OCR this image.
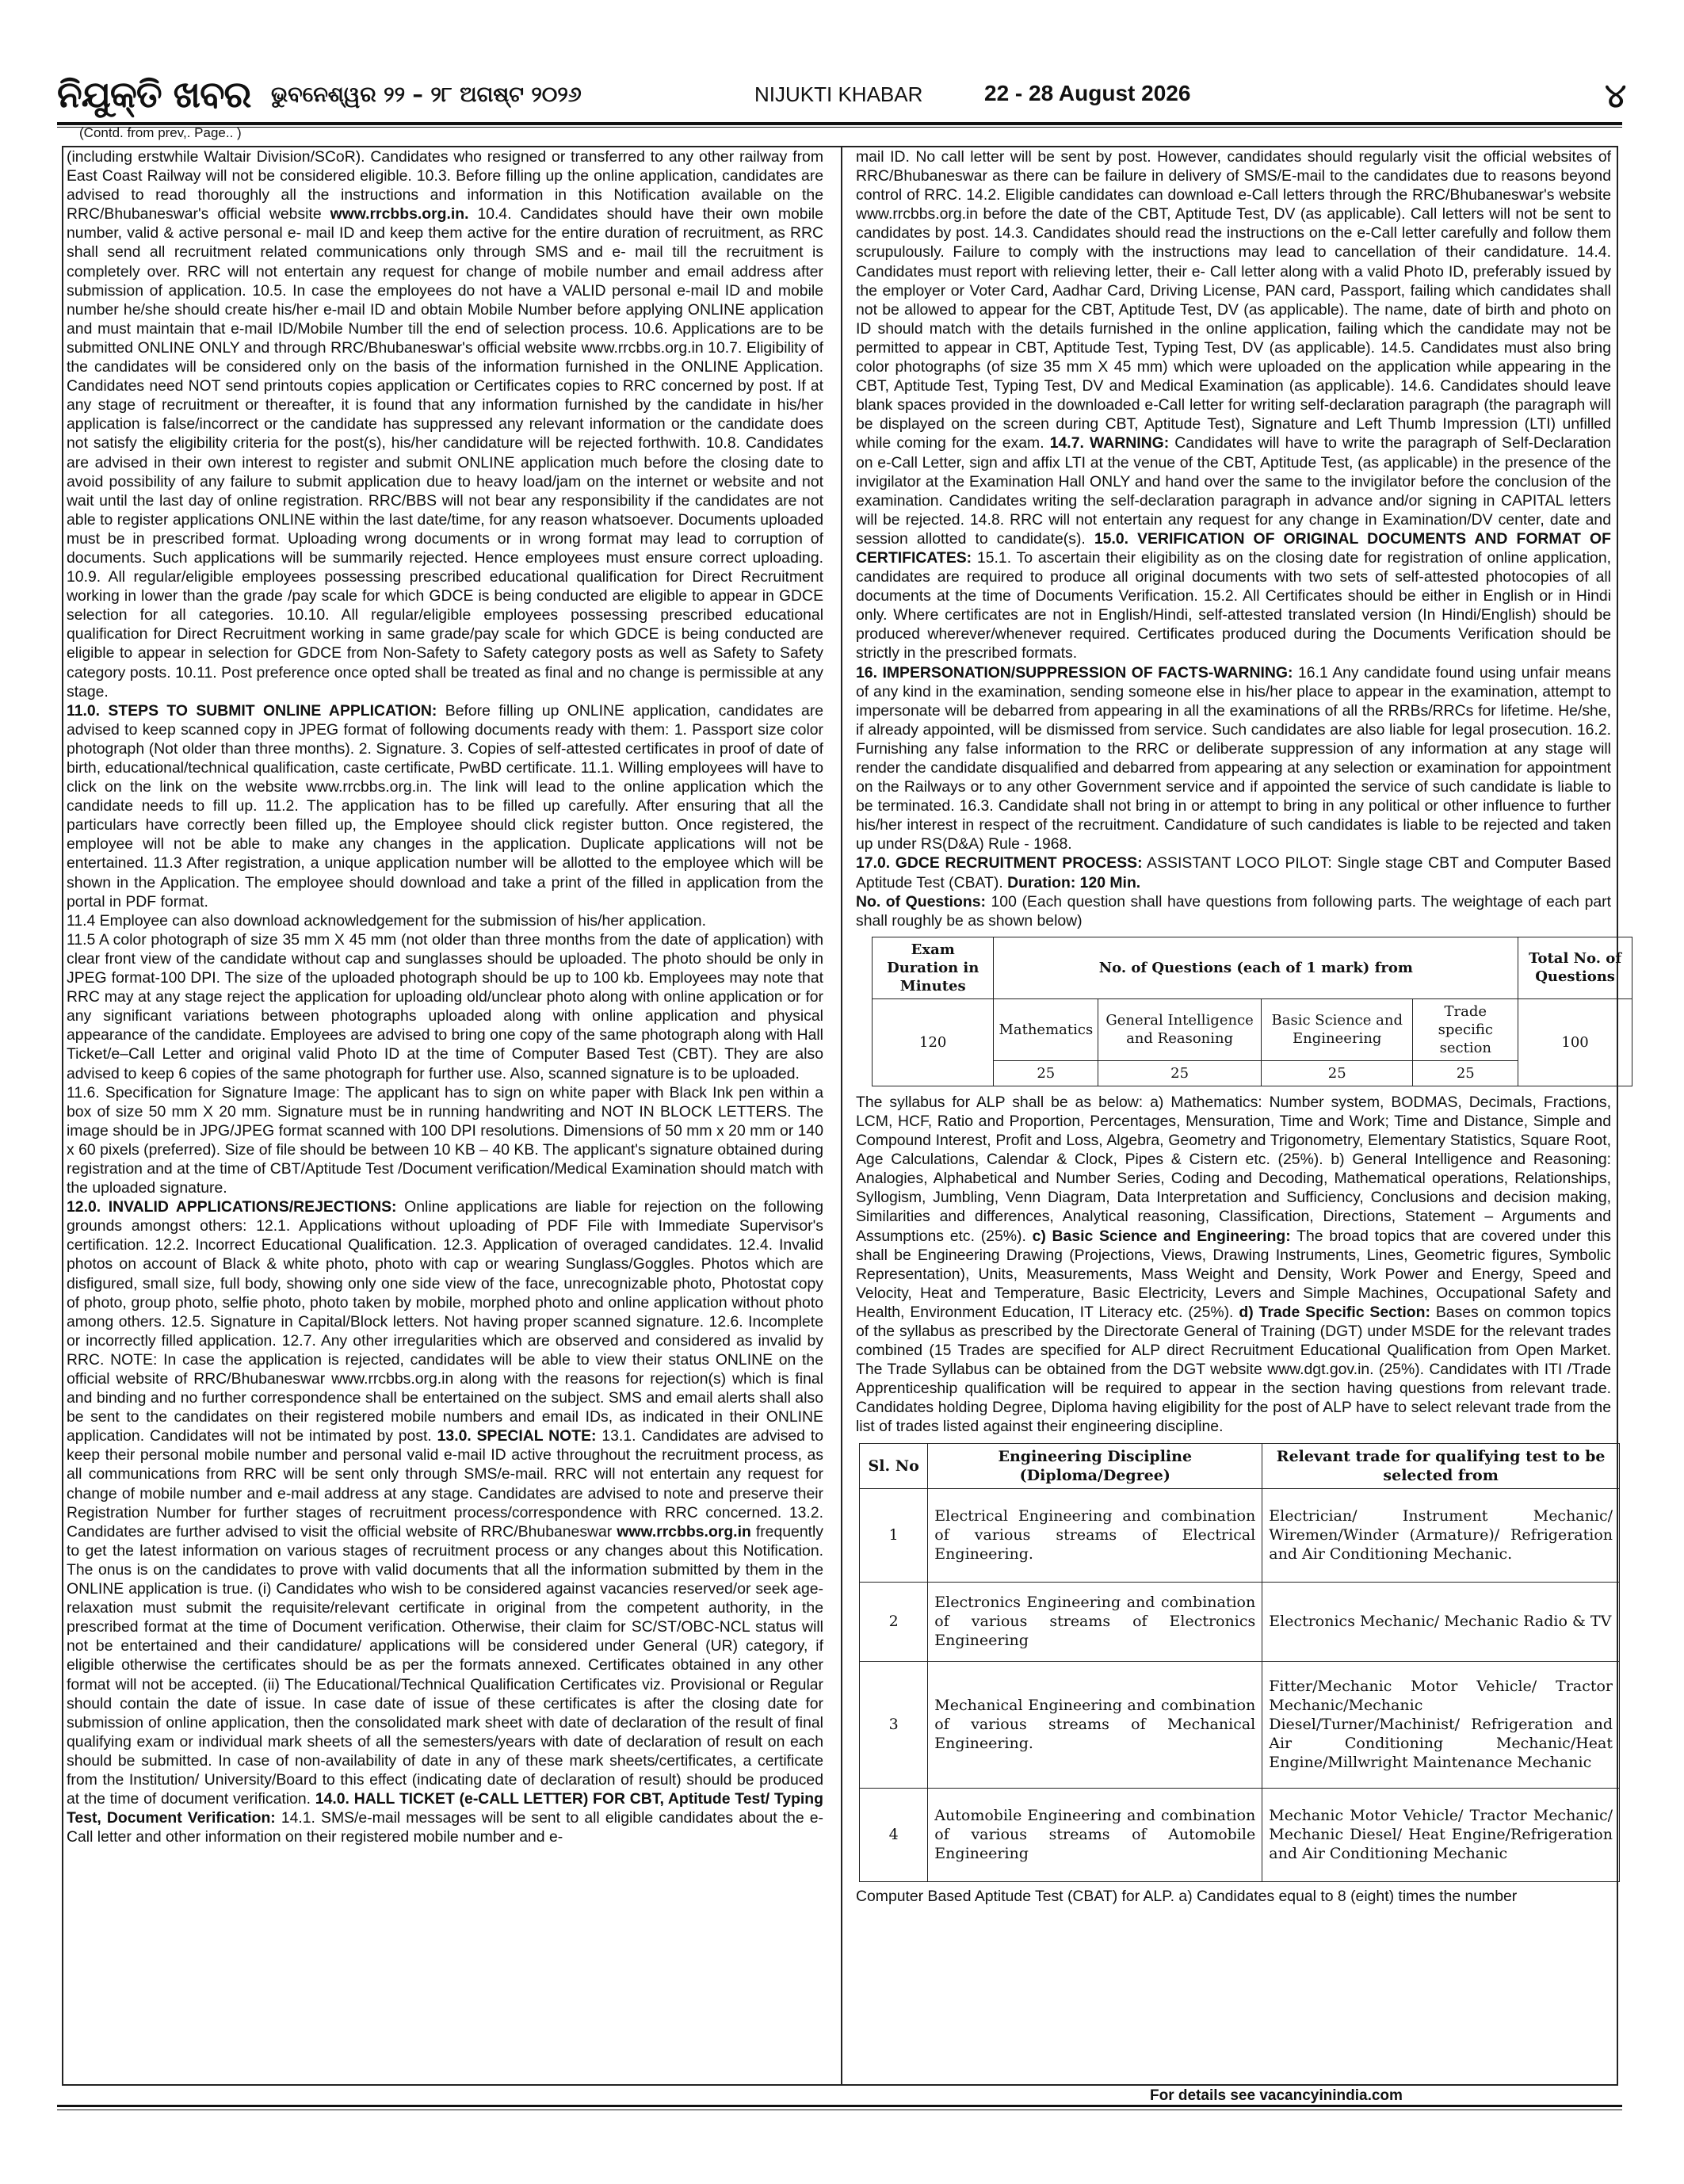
ନିଯୁକ୍ତି ଖବର ଭୁବନେଶ୍ୱର ୨୨ – ୨୮ ଅଗଷ୍ଟ ୨୦୨୬	NIJUKTI KHABAR	22 - 28 August 2026	୪
(Contd. from prev,. Page.. )

(including erstwhile Waltair Division/SCoR). Candidates who resigned or transferred to any other railway from East Coast Railway will not be considered eligible. 10.3. Before filling up the online application, candidates are advised to read thoroughly all the instructions and information in this Notification available on the RRC/Bhubaneswar's official website www.rrcbbs.org.in. 10.4. Candidates should have their own mobile number, valid & active personal e- mail ID and keep them active for the entire duration of recruitment, as RRC shall send all recruitment related communications only through SMS and e- mail till the recruitment is completely over. RRC will not entertain any request for change of mobile number and email address after submission of application. 10.5. In case the employees do not have a VALID personal e-mail ID and mobile number he/she should create his/her e-mail ID and obtain Mobile Number before applying ONLINE application and must maintain that e-mail ID/Mobile Number till the end of selection process. 10.6. Applications are to be submitted ONLINE ONLY and through RRC/Bhubaneswar's official website www.rrcbbs.org.in 10.7. Eligibility of the candidates will be considered only on the basis of the information furnished in the ONLINE Application. Candidates need NOT send printouts copies application or Certificates copies to RRC concerned by post. If at any stage of recruitment or thereafter, it is found that any information furnished by the candidate in his/her application is false/incorrect or the candidate has suppressed any relevant information or the candidate does not satisfy the eligibility criteria for the post(s), his/her candidature will be rejected forthwith. 10.8. Candidates are advised in their own interest to register and submit ONLINE application much before the closing date to avoid possibility of any failure to submit application due to heavy load/jam on the internet or website and not wait until the last day of online registration. RRC/BBS will not bear any responsibility if the candidates are not able to register applications ONLINE within the last date/time, for any reason whatsoever. Documents uploaded must be in prescribed format. Uploading wrong documents or in wrong format may lead to corruption of documents. Such applications will be summarily rejected. Hence employees must ensure correct uploading. 10.9. All regular/eligible employees possessing prescribed educational qualification for Direct Recruitment working in lower than the grade /pay scale for which GDCE is being conducted are eligible to appear in GDCE selection for all categories. 10.10. All regular/eligible employees possessing prescribed educational qualification for Direct Recruitment working in same grade/pay scale for which GDCE is being conducted are eligible to appear in selection for GDCE from Non-Safety to Safety category posts as well as Safety to Safety category posts. 10.11. Post preference once opted shall be treated as final and no change is permissible at any stage.
11.0. STEPS TO SUBMIT ONLINE APPLICATION: Before filling up ONLINE application, candidates are advised to keep scanned copy in JPEG format of following documents ready with them: 1. Passport size color photograph (Not older than three months). 2. Signature. 3. Copies of self-attested certificates in proof of date of birth, educational/technical qualification, caste certificate, PwBD certificate. 11.1. Willing employees will have to click on the link on the website www.rrcbbs.org.in. The link will lead to the online application which the candidate needs to fill up. 11.2. The application has to be filled up carefully. After ensuring that all the particulars have correctly been filled up, the Employee should click register button. Once registered, the employee will not be able to make any changes in the application. Duplicate applications will not be entertained. 11.3 After registration, a unique application number will be allotted to the employee which will be shown in the Application. The employee should download and take a print of the filled in application from the portal in PDF format.
11.4 Employee can also download acknowledgement for the submission of his/her application.
11.5 A color photograph of size 35 mm X 45 mm (not older than three months from the date of application) with clear front view of the candidate without cap and sunglasses should be uploaded. The photo should be only in JPEG format-100 DPI. The size of the uploaded photograph should be up to 100 kb. Employees may note that RRC may at any stage reject the application for uploading old/unclear photo along with online application or for any significant variations between photographs uploaded along with online application and physical appearance of the candidate. Employees are advised to bring one copy of the same photograph along with Hall Ticket/e–Call Letter and original valid Photo ID at the time of Computer Based Test (CBT). They are also advised to keep 6 copies of the same photograph for further use. Also, scanned signature is to be uploaded.
11.6. Specification for Signature Image: The applicant has to sign on white paper with Black Ink pen within a box of size 50 mm X 20 mm. Signature must be in running handwriting and NOT IN BLOCK LETTERS. The image should be in JPG/JPEG format scanned with 100 DPI resolutions. Dimensions of 50 mm x 20 mm or 140 x 60 pixels (preferred). Size of file should be between 10 KB – 40 KB. The applicant's signature obtained during registration and at the time of CBT/Aptitude Test /Document verification/Medical Examination should match with the uploaded signature.
12.0. INVALID APPLICATIONS/REJECTIONS: Online applications are liable for rejection on the following grounds amongst others: 12.1. Applications without uploading of PDF File with Immediate Supervisor's certification. 12.2. Incorrect Educational Qualification. 12.3. Application of overaged candidates. 12.4. Invalid photos on account of Black & white photo, photo with cap or wearing Sunglass/Goggles. Photos which are disfigured, small size, full body, showing only one side view of the face, unrecognizable photo, Photostat copy of photo, group photo, selfie photo, photo taken by mobile, morphed photo and online application without photo among others. 12.5. Signature in Capital/Block letters. Not having proper scanned signature. 12.6. Incomplete or incorrectly filled application. 12.7. Any other irregularities which are observed and considered as invalid by RRC. NOTE: In case the application is rejected, candidates will be able to view their status ONLINE on the official website of RRC/Bhubaneswar www.rrcbbs.org.in along with the reasons for rejection(s) which is final and binding and no further correspondence shall be entertained on the subject. SMS and email alerts shall also be sent to the candidates on their registered mobile numbers and email IDs, as indicated in their ONLINE application. Candidates will not be intimated by post. 13.0. SPECIAL NOTE: 13.1. Candidates are advised to keep their personal mobile number and personal valid e-mail ID active throughout the recruitment process, as all communications from RRC will be sent only through SMS/e-mail. RRC will not entertain any request for change of mobile number and e-mail address at any stage. Candidates are advised to note and preserve their Registration Number for further stages of recruitment process/correspondence with RRC concerned. 13.2. Candidates are further advised to visit the official website of RRC/Bhubaneswar www.rrcbbs.org.in frequently to get the latest information on various stages of recruitment process or any changes about this Notification. The onus is on the candidates to prove with valid documents that all the information submitted by them in the ONLINE application is true. (i) Candidates who wish to be considered against vacancies reserved/or seek age- relaxation must submit the requisite/relevant certificate in original from the competent authority, in the prescribed format at the time of Document verification. Otherwise, their claim for SC/ST/OBC-NCL status will not be entertained and their candidature/ applications will be considered under General (UR) category, if eligible otherwise the certificates should be as per the formats annexed. Certificates obtained in any other format will not be accepted. (ii) The Educational/Technical Qualification Certificates viz. Provisional or Regular should contain the date of issue. In case date of issue of these certificates is after the closing date for submission of online application, then the consolidated mark sheet with date of declaration of the result of final qualifying exam or individual mark sheets of all the semesters/years with date of declaration of result on each should be submitted. In case of non-availability of date in any of these mark sheets/certificates, a certificate from the Institution/ University/Board to this effect (indicating date of declaration of result) should be produced at the time of document verification. 14.0. HALL TICKET (e-CALL LETTER) FOR CBT, Aptitude Test/ Typing Test, Document Verification: 14.1. SMS/e-mail messages will be sent to all eligible candidates about the e-Call letter and other information on their registered mobile number and e-

mail ID. No call letter will be sent by post. However, candidates should regularly visit the official websites of RRC/Bhubaneswar as there can be failure in delivery of SMS/E-mail to the candidates due to reasons beyond control of RRC. 14.2. Eligible candidates can download e-Call letters through the RRC/Bhubaneswar's website www.rrcbbs.org.in before the date of the CBT, Aptitude Test, DV (as applicable). Call letters will not be sent to candidates by post. 14.3. Candidates should read the instructions on the e-Call letter carefully and follow them scrupulously. Failure to comply with the instructions may lead to cancellation of their candidature. 14.4. Candidates must report with relieving letter, their e- Call letter along with a valid Photo ID, preferably issued by the employer or Voter Card, Aadhar Card, Driving License, PAN card, Passport, failing which candidates shall not be allowed to appear for the CBT, Aptitude Test, DV (as applicable). The name, date of birth and photo on ID should match with the details furnished in the online application, failing which the candidate may not be permitted to appear in CBT, Aptitude Test, Typing Test, DV (as applicable). 14.5. Candidates must also bring color photographs (of size 35 mm X 45 mm) which were uploaded on the application while appearing in the CBT, Aptitude Test, Typing Test, DV and Medical Examination (as applicable). 14.6. Candidates should leave blank spaces provided in the downloaded e-Call letter for writing self-declaration paragraph (the paragraph will be displayed on the screen during CBT, Aptitude Test), Signature and Left Thumb Impression (LTI) unfilled while coming for the exam. 14.7. WARNING: Candidates will have to write the paragraph of Self-Declaration on e-Call Letter, sign and affix LTI at the venue of the CBT, Aptitude Test, (as applicable) in the presence of the invigilator at the Examination Hall ONLY and hand over the same to the invigilator before the conclusion of the examination. Candidates writing the self-declaration paragraph in advance and/or signing in CAPITAL letters will be rejected. 14.8. RRC will not entertain any request for any change in Examination/DV center, date and session allotted to candidate(s). 15.0. VERIFICATION OF ORIGINAL DOCUMENTS AND FORMAT OF CERTIFICATES: 15.1. To ascertain their eligibility as on the closing date for registration of online application, candidates are required to produce all original documents with two sets of self-attested photocopies of all documents at the time of Documents Verification. 15.2. All Certificates should be either in English or in Hindi only. Where certificates are not in English/Hindi, self-attested translated version (In Hindi/English) should be produced wherever/whenever required. Certificates produced during the Documents Verification should be strictly in the prescribed formats.
16. IMPERSONATION/SUPPRESSION OF FACTS-WARNING: 16.1 Any candidate found using unfair means of any kind in the examination, sending someone else in his/her place to appear in the examination, attempt to impersonate will be debarred from appearing in all the examinations of all the RRBs/RRCs for lifetime. He/she, if already appointed, will be dismissed from service. Such candidates are also liable for legal prosecution. 16.2. Furnishing any false information to the RRC or deliberate suppression of any information at any stage will render the candidate disqualified and debarred from appearing at any selection or examination for appointment on the Railways or to any other Government service and if appointed the service of such candidate is liable to be terminated. 16.3. Candidate shall not bring in or attempt to bring in any political or other influence to further his/her interest in respect of the recruitment. Candidature of such candidates is liable to be rejected and taken up under RS(D&A) Rule - 1968.
17.0. GDCE RECRUITMENT PROCESS: ASSISTANT LOCO PILOT: Single stage CBT and Computer Based Aptitude Test (CBAT). Duration: 120 Min.
No. of Questions: 100 (Each question shall have questions from following parts. The weightage of each part shall roughly be as shown below)

Exam Duration in Minutes	No. of Questions (each of 1 mark) from				Total No. of Questions
120	Mathematics	General Intelligence and Reasoning	Basic Science and Engineering	Trade specific section	100
	25	25	25	25	

The syllabus for ALP shall be as below: a) Mathematics: Number system, BODMAS, Decimals, Fractions, LCM, HCF, Ratio and Proportion, Percentages, Mensuration, Time and Work; Time and Distance, Simple and Compound Interest, Profit and Loss, Algebra, Geometry and Trigonometry, Elementary Statistics, Square Root, Age Calculations, Calendar & Clock, Pipes & Cistern etc. (25%). b) General Intelligence and Reasoning: Analogies, Alphabetical and Number Series, Coding and Decoding, Mathematical operations, Relationships, Syllogism, Jumbling, Venn Diagram, Data Interpretation and Sufficiency, Conclusions and decision making, Similarities and differences, Analytical reasoning, Classification, Directions, Statement – Arguments and Assumptions etc. (25%). c) Basic Science and Engineering: The broad topics that are covered under this shall be Engineering Drawing (Projections, Views, Drawing Instruments, Lines, Geometric figures, Symbolic Representation), Units, Measurements, Mass Weight and Density, Work Power and Energy, Speed and Velocity, Heat and Temperature, Basic Electricity, Levers and Simple Machines, Occupational Safety and Health, Environment Education, IT Literacy etc. (25%). d) Trade Specific Section: Bases on common topics of the syllabus as prescribed by the Directorate General of Training (DGT) under MSDE for the relevant trades combined (15 Trades are specified for ALP direct Recruitment Educational Qualification from Open Market. The Trade Syllabus can be obtained from the DGT website www.dgt.gov.in. (25%). Candidates with ITI /Trade Apprenticeship qualification will be required to appear in the section having questions from relevant trade. Candidates holding Degree, Diploma having eligibility for the post of ALP have to select relevant trade from the list of trades listed against their engineering discipline.

Sl. No	Engineering Discipline (Diploma/Degree)	Relevant trade for qualifying test to be selected from
1	Electrical Engineering and combination of various streams of Electrical Engineering.	Electrician/ Instrument Mechanic/ Wiremen/Winder (Armature)/ Refrigeration and Air Conditioning Mechanic.
2	Electronics Engineering and combination of various streams of Electronics Engineering	Electronics Mechanic/ Mechanic Radio & TV
3	Mechanical Engineering and combination of various streams of Mechanical Engineering.	Fitter/Mechanic Motor Vehicle/ Tractor Mechanic/Mechanic Diesel/Turner/Machinist/ Refrigeration and Air Conditioning Mechanic/Heat Engine/Millwright Maintenance Mechanic
4	Automobile Engineering and combination of various streams of Automobile Engineering	Mechanic Motor Vehicle/ Tractor Mechanic/ Mechanic Diesel/ Heat Engine/Refrigeration and Air Conditioning Mechanic

Computer Based Aptitude Test (CBAT) for ALP. a) Candidates equal to 8 (eight) times the number

For details see vacancyinindia.com
